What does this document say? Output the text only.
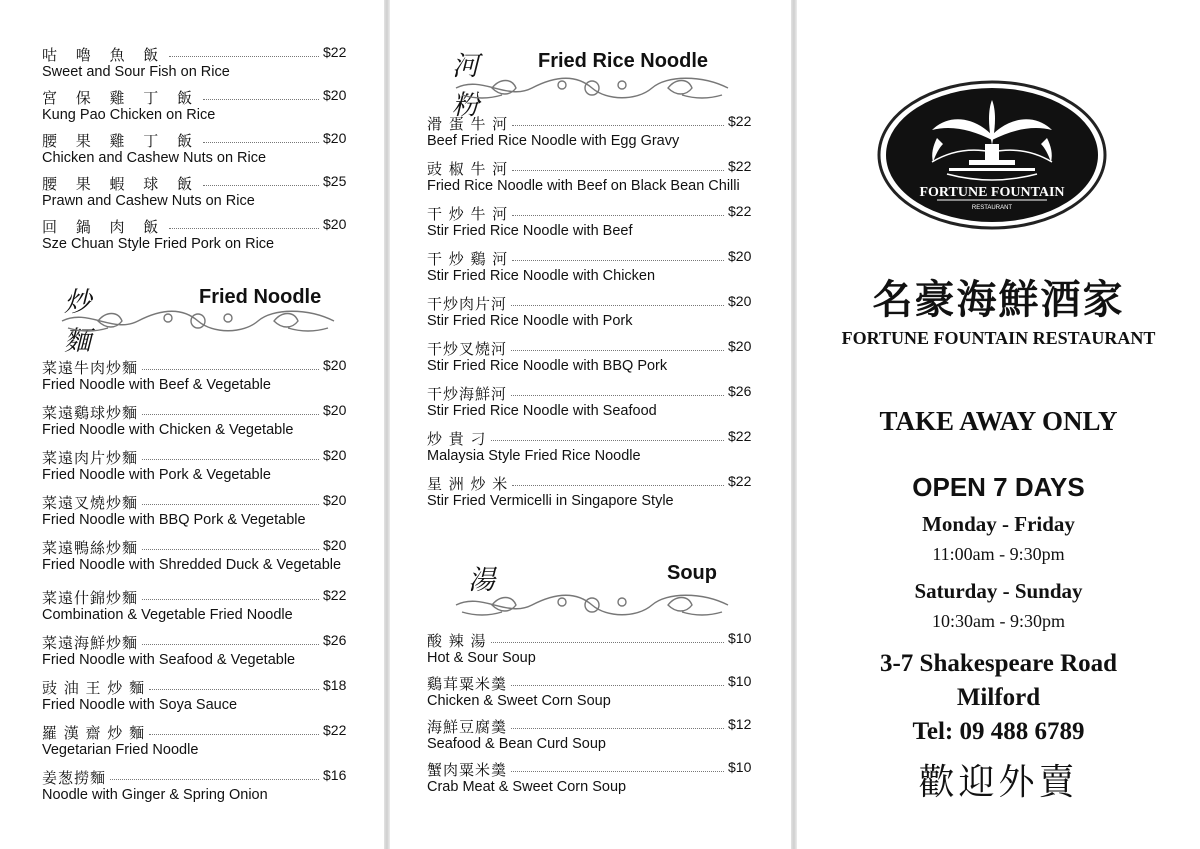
炒麵
Fried Noodle
河粉
Fried Rice Noodle
湯	Soup
FORTUNE FOUNTAIN
RESTAURANT
名豪海鮮酒家
FORTUNE FOUNTAIN RESTAURANT
TAKE AWAY ONLY
OPEN 7 DAYS
Monday - Friday
11:00am - 9:30pm
Saturday - Sunday
10:30am - 9:30pm
3-7 Shakespeare Road
Milford
Tel: 09 488 6789
歡迎外賣
咕 嚕 魚 飯	$22
Sweet and Sour Fish on Rice
宮 保 雞 丁 飯	$20
Kung Pao Chicken on Rice
腰 果 雞 丁 飯	$20
Chicken and Cashew Nuts on Rice
腰 果 蝦 球 飯	$25
Prawn and Cashew Nuts on Rice
回 鍋 肉 飯	$20
Sze Chuan Style Fried Pork on Rice
菜遠牛肉炒麵	$20
Fried Noodle with Beef & Vegetable
菜遠鷄球炒麵	$20
Fried Noodle with Chicken & Vegetable
菜遠肉片炒麵	$20
Fried Noodle with Pork & Vegetable
菜遠叉燒炒麵	$20
Fried Noodle with BBQ Pork & Vegetable
菜遠鴨絲炒麵	$20
Fried Noodle with Shredded Duck & Vegetable
菜遠什錦炒麵	$22
Combination & Vegetable Fried Noodle
菜遠海鮮炒麵	$26
Fried Noodle with Seafood & Vegetable
豉 油 王 炒 麵	$18
Fried Noodle with Soya Sauce
羅 漢 齋 炒 麵	$22
Vegetarian Fried Noodle
姜葱撈麵	$16
Noodle with Ginger & Spring Onion
滑 蛋 牛 河	$22
Beef Fried Rice Noodle with Egg Gravy
豉 椒 牛 河	$22
Fried Rice Noodle with Beef on Black Bean Chilli
干 炒 牛 河	$22
Stir Fried Rice Noodle with Beef
干 炒 鷄 河	$20
Stir Fried Rice Noodle with Chicken
干炒肉片河	$20
Stir Fried Rice Noodle with Pork
干炒叉燒河	$20
Stir Fried Rice Noodle with BBQ Pork
干炒海鮮河	$26
Stir Fried Rice Noodle with Seafood
炒 貴 刁	$22
Malaysia Style Fried Rice Noodle
星 洲 炒 米	$22
Stir Fried Vermicelli in Singapore Style
酸 辣 湯	$10
Hot & Sour Soup
鷄茸粟米羹	$10
Chicken & Sweet Corn Soup
海鮮豆腐羹	$12
Seafood & Bean Curd Soup
蟹肉粟米羹	$10
Crab Meat & Sweet Corn Soup
